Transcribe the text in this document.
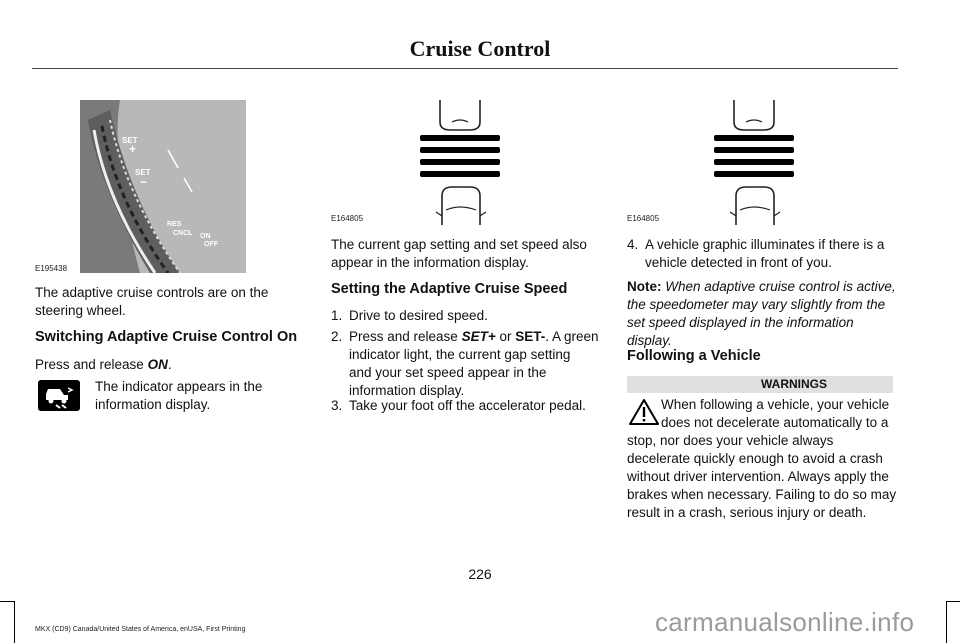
Cruise Control
SET
+
SET
−
RES
CNCL ON
OFF
E195438
The adaptive cruise controls are on the
steering wheel.
Switching Adaptive Cruise Control On
Press and release ON.
The indicator appears in the
information display.
E164805
The current gap setting and set speed also
appear in the information display.
Setting the Adaptive Cruise Speed
1. Drive to desired speed.
2. Press and release SET+ or SET-. A green
indicator light, the current gap setting
and your set speed appear in the
information display.
3. Take your foot off the accelerator pedal.
E164805
4. A vehicle graphic illuminates if there is a
vehicle detected in front of you.
Note: When adaptive cruise control is active,
the speedometer may vary slightly from the
set speed displayed in the information
display.
Following a Vehicle
WARNINGS
When following a vehicle, your vehicle
does not decelerate automatically to a
stop, nor does your vehicle always
decelerate quickly enough to avoid a crash
without driver intervention. Always apply the
brakes when necessary. Failing to do so may
result in a crash, serious injury or death.
226
MKX (CD9) Canada/United States of America, enUSA, First Printing	carmanualsonline.info
